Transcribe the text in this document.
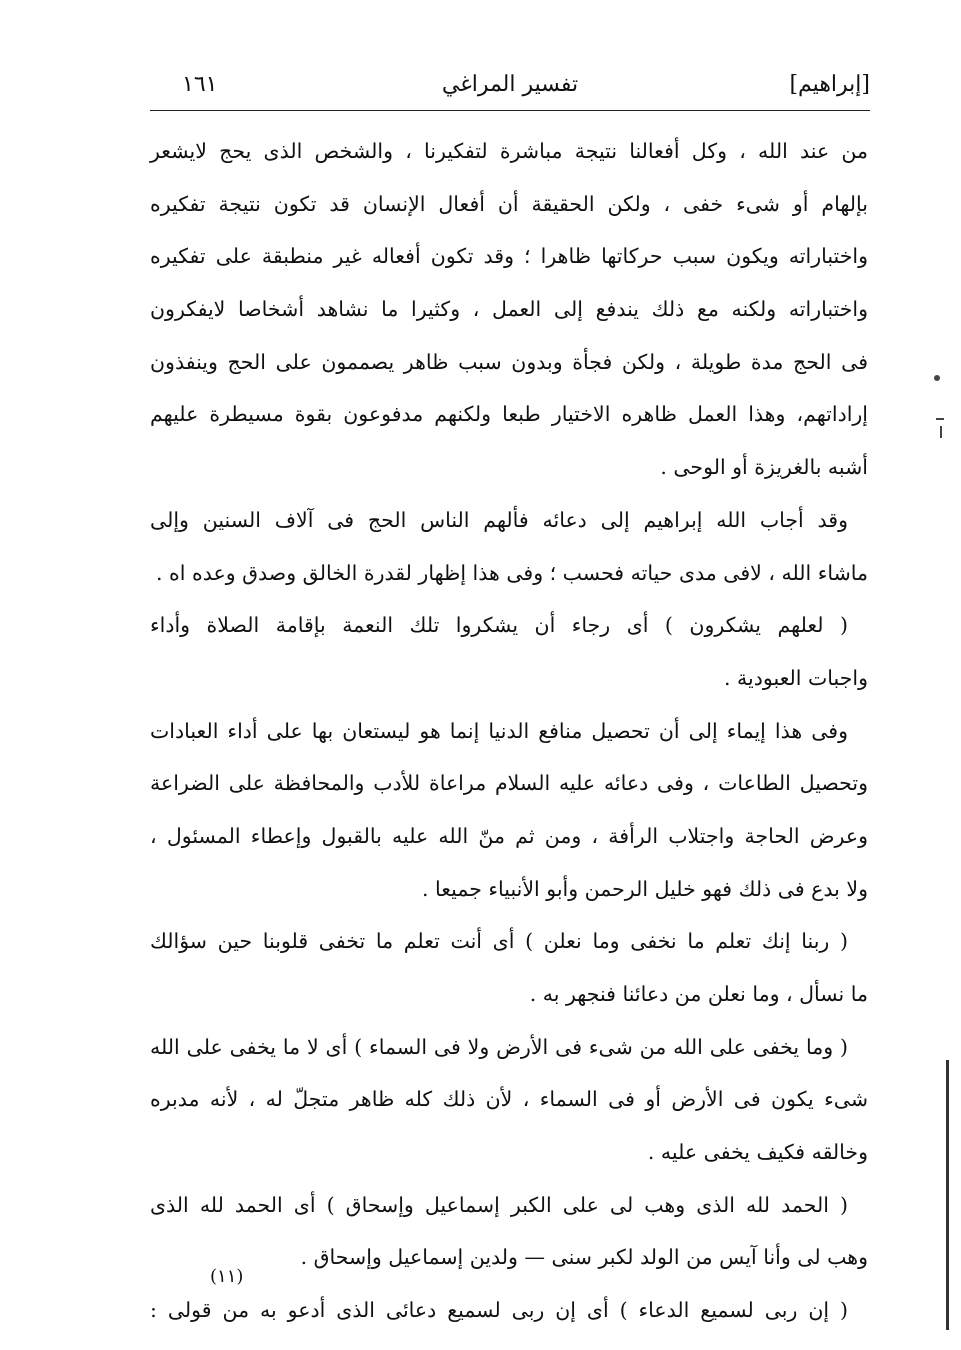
[إبراهيم]
تفسير المراغي
١٦١
من عند الله ، وكل أفعالنا نتيجة مباشرة لتفكيرنا ، والشخص الذى يحج لايشعر
بإلهام أو شىء خفى ، ولكن الحقيقة أن أفعال الإنسان قد تكون نتيجة تفكيره
واختباراته ويكون سبب حركاتها ظاهرا ؛ وقد تكون أفعاله غير منطبقة على تفكيره
واختباراته ولكنه مع ذلك يندفع إلى العمل ، وكثيرا ما نشاهد أشخاصا لايفكرون
فى الحج مدة طويلة ، ولكن فجأة وبدون سبب ظاهر يصممون على الحج وينفذون
إراداتهم، وهذا العمل ظاهره الاختيار طبعا ولكنهم مدفوعون بقوة مسيطرة عليهم
أشبه بالغريزة أو الوحى .
وقد أجاب الله إبراهيم إلى دعائه فألهم الناس الحج فى آلاف السنين وإلى
ماشاء الله ، لافى مدى حياته فحسب ؛ وفى هذا إظهار لقدرة الخالق وصدق وعده اه .
( لعلهم يشكرون ) أى رجاء أن يشكروا تلك النعمة بإقامة الصلاة وأداء
واجبات العبودية .
وفى هذا إيماء إلى أن تحصيل منافع الدنيا إنما هو ليستعان بها على أداء العبادات
وتحصيل الطاعات ، وفى دعائه عليه السلام مراعاة للأدب والمحافظة على الضراعة
وعرض الحاجة واجتلاب الرأفة ، ومن ثم منّ الله عليه بالقبول وإعطاء المسئول ،
ولا بدع فى ذلك فهو خليل الرحمن وأبو الأنبياء جميعا .
( ربنا إنك تعلم ما نخفى وما نعلن ) أى أنت تعلم ما تخفى قلوبنا حين سؤالك
ما نسأل ، وما نعلن من دعائنا فنجهر به .
( وما يخفى على الله من شىء فى الأرض ولا فى السماء ) أى لا ما يخفى على الله
شىء يكون فى الأرض أو فى السماء ، لأن ذلك كله ظاهر متجلّ له ، لأنه مدبره
وخالقه فكيف يخفى عليه .
( الحمد لله الذى وهب لى على الكبر إسماعيل وإسحاق ) أى الحمد لله الذى
وهب لى وأنا آيس من الولد لكبر سنى — ولدين إسماعيل وإسحاق .
( إن ربى لسميع الدعاء ) أى إن ربى لسميع دعائى الذى أدعو به من قولى :
(١١)
